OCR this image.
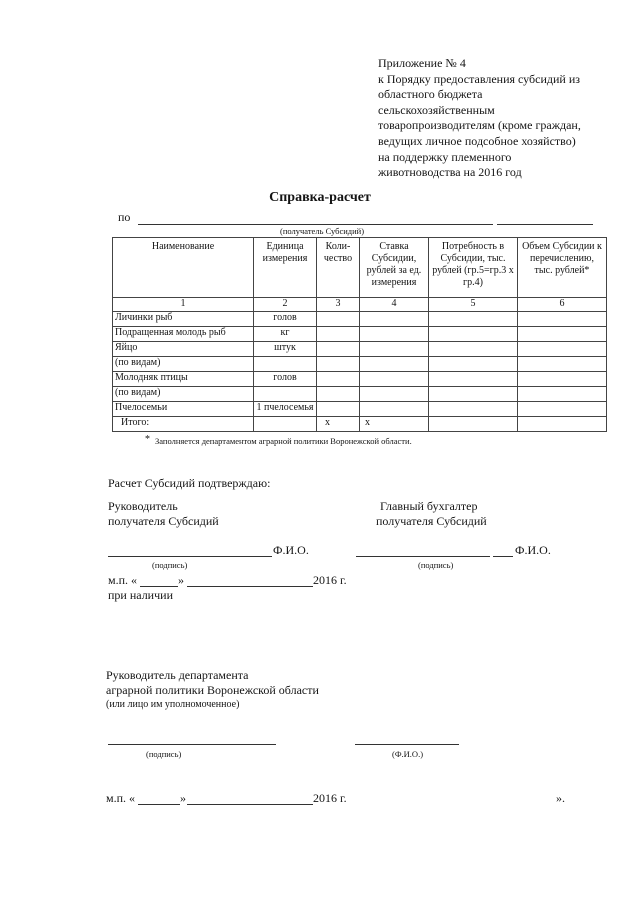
Приложение № 4
к Порядку предоставления субсидий из
областного бюджета
сельскохозяйственным
товаропроизводителям (кроме граждан,
ведущих личное подсобное хозяйство)
на поддержку племенного
животноводства на 2016 год
Справка-расчет
по
(получатель Субсидий)
Наименование	Единица измерения	Коли-чество	Ставка Субсидии, рублей за ед. измерения	Потребность в Субсидии, тыс. рублей (гр.5=гр.3 х гр.4)	Объем Субсидии к перечислению, тыс. рублей*
1	2	3	4	5	6
Личинки рыб	голов				
Подращенная молодь рыб	кг				
Яйцо	штук				
(по видам)					
Молодняк птицы	голов				
(по видам)					
Пчелосемьи	1 пчелосемья				
Итого:		x	x		
* Заполняется департаментом аграрной политики Воронежской области.
Расчет Субсидий подтверждаю:
Руководитель
получателя Субсидий
Главный бухгалтер
получателя Субсидий
Ф.И.О.
(подпись)
Ф.И.О.
(подпись)
м.п. «	»	2016 г.
при наличии
Руководитель департамента
аграрной политики Воронежской области
(или лицо им уполномоченное)
(подпись)	(Ф.И.О.)
м.п. «	»	2016 г.	».
